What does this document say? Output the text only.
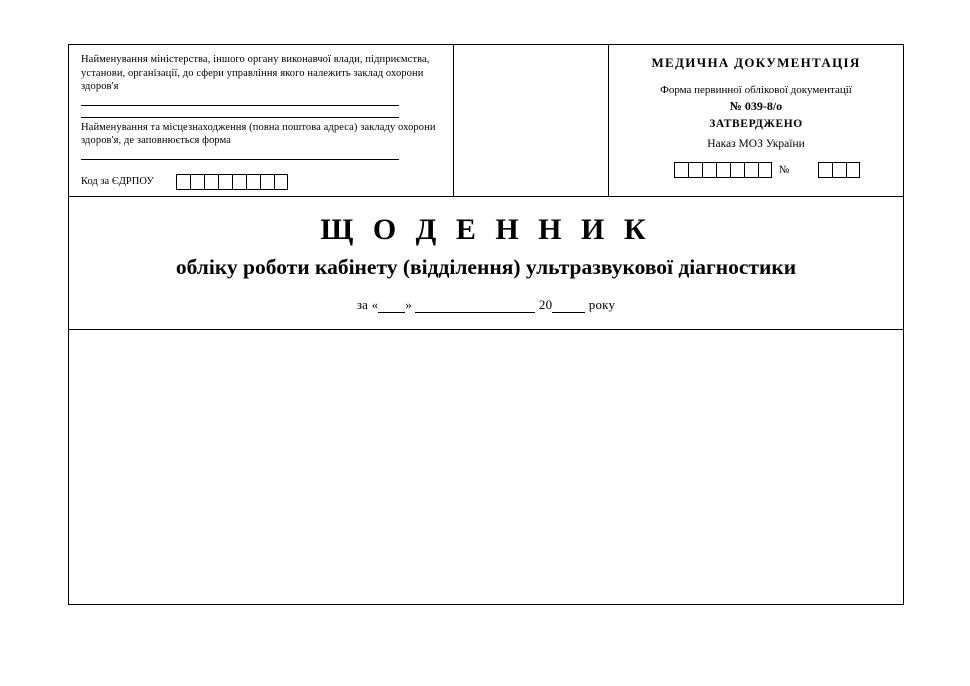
Найменування міністерства, іншого органу виконавчої влади, підприємства, установи, організації, до сфери управління якого належить заклад охорони здоров'я
Найменування та місцезнаходження (повна поштова адреса) закладу охорони здоров'я, де заповнюється форма
Код за ЄДРПОУ
МЕДИЧНА ДОКУМЕНТАЦІЯ
Форма первинної облікової документації
№ 039-8/о
ЗАТВЕРДЖЕНО
Наказ МОЗ України
№
Щ О Д Е Н Н И К
обліку роботи кабінету (відділення) ультразвукової діагностики
за « »	20	року
